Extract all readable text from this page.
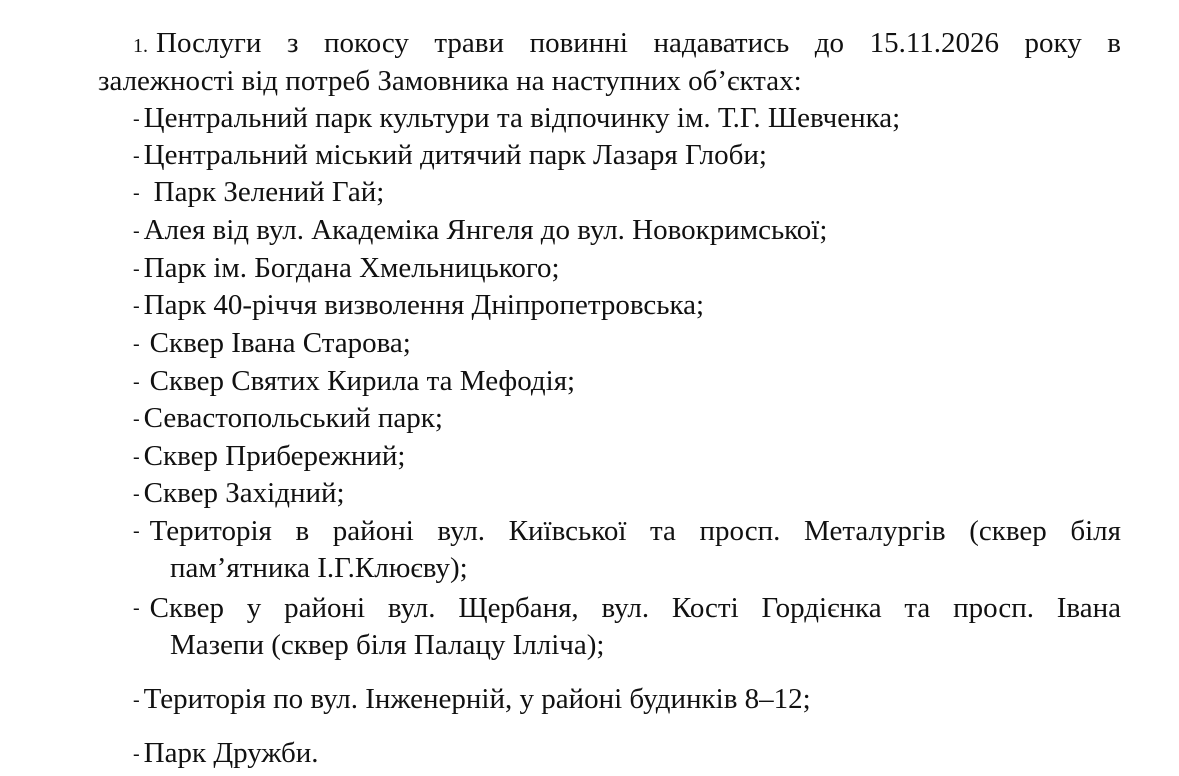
1. Послуги з покосу трави повинні надаватись до 15.11.2026 року в
залежності від потреб Замовника на наступних об’єктах:
- Центральний парк культури та відпочинку ім. Т.Г. Шевченка;
- Центральний міський дитячий парк Лазаря Глоби;
- Парк Зелений Гай;
- Алея від вул. Академіка Янгеля до вул. Новокримської;
- Парк ім. Богдана Хмельницького;
- Парк 40-річчя визволення Дніпропетровська;
- Сквер Івана Старова;
- Сквер Святих Кирила та Мефодія;
- Севастопольський парк;
- Сквер Прибережний;
- Сквер Західний;
- Територія в районі вул. Київської та просп. Металургів (сквер біля
пам’ятника І.Г.Клюєву);
- Сквер у районі вул. Щербаня, вул. Кості Гордієнка та просп. Івана
Мазепи (сквер біля Палацу Ілліча);
- Територія по вул. Інженерній, у районі будинків 8–12;
- Парк Дружби.
